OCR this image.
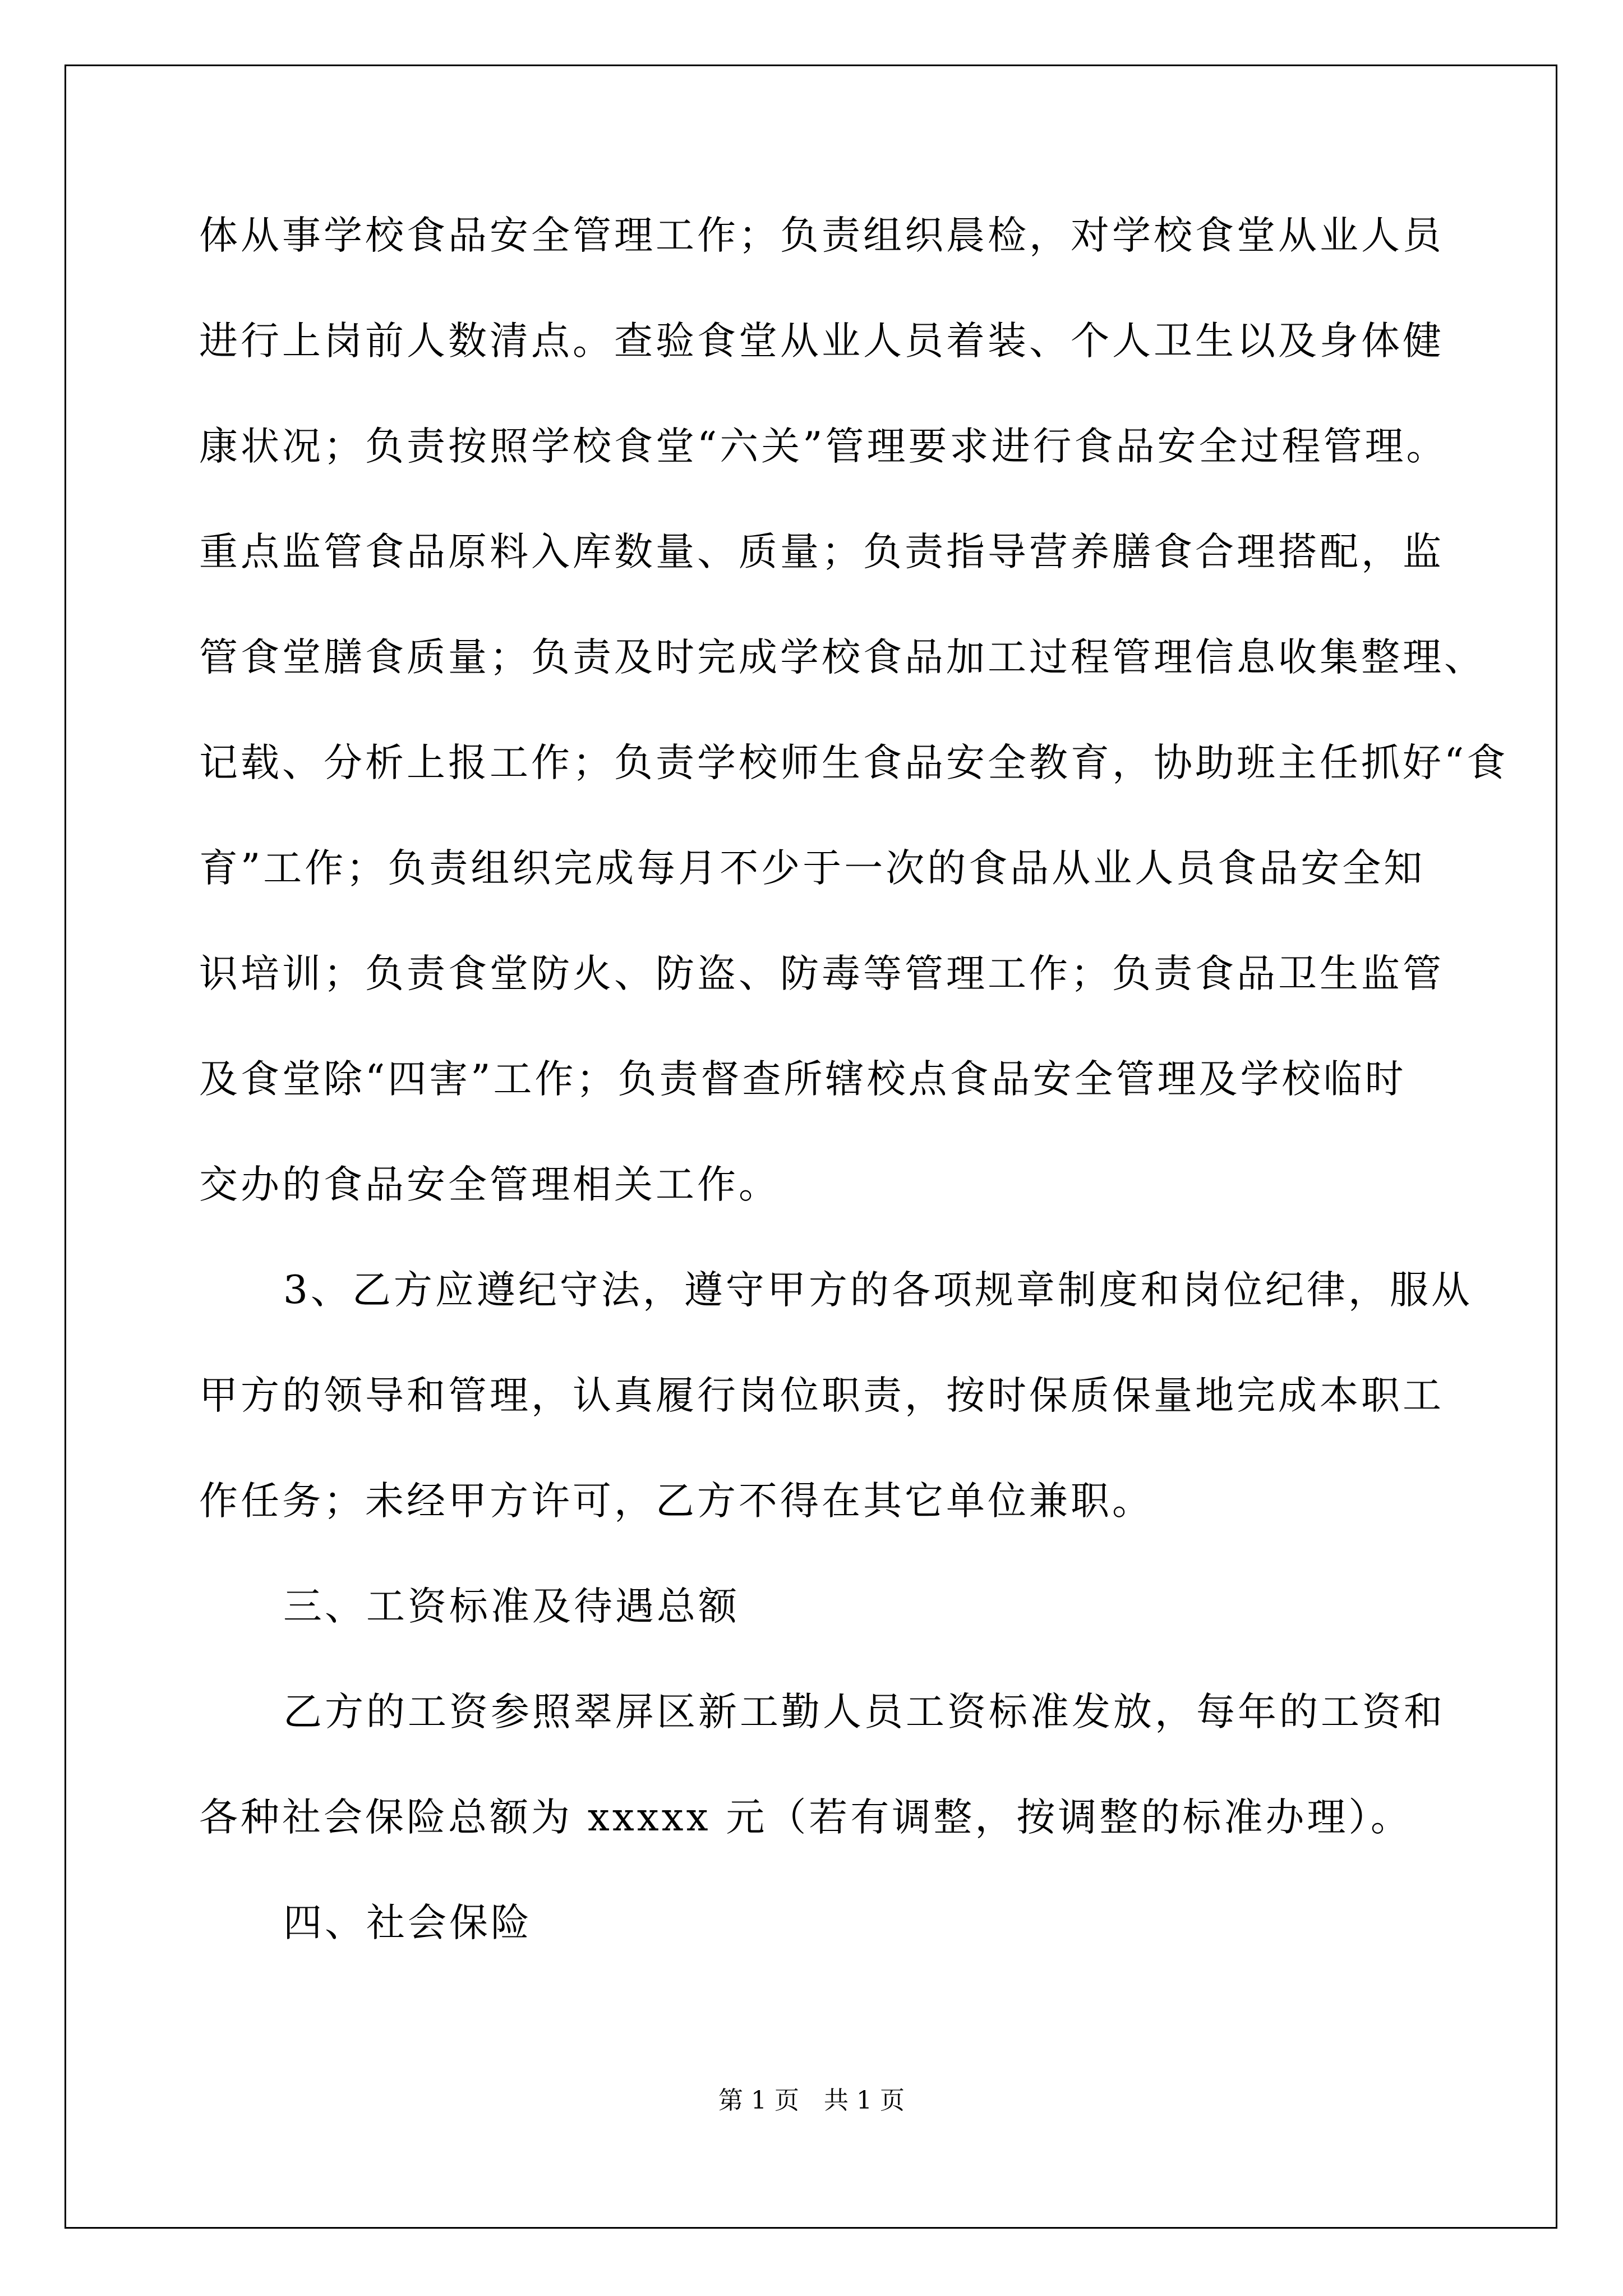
体从事学校食品安全管理工作；负责组织晨检，对学校食堂从业人员
进行上岗前人数清点。查验食堂从业人员着装、个人卫生以及身体健
康状况；负责按照学校食堂“六关”管理要求进行食品安全过程管理。
重点监管食品原料入库数量、质量；负责指导营养膳食合理搭配，监
管食堂膳食质量；负责及时完成学校食品加工过程管理信息收集整理、
记载、分析上报工作；负责学校师生食品安全教育，协助班主任抓好“食
育”工作；负责组织完成每月不少于一次的食品从业人员食品安全知
识培训；负责食堂防火、防盗、防毒等管理工作；负责食品卫生监管
及食堂除“四害”工作；负责督查所辖校点食品安全管理及学校临时
交办的食品安全管理相关工作。
3、乙方应遵纪守法，遵守甲方的各项规章制度和岗位纪律，服从
甲方的领导和管理，认真履行岗位职责，按时保质保量地完成本职工
作任务；未经甲方许可，乙方不得在其它单位兼职。
三、工资标准及待遇总额
乙方的工资参照翠屏区新工勤人员工资标准发放，每年的工资和
各种社会保险总额为 xxxxx 元（若有调整，按调整的标准办理）。
四、社会保险
第 1 页　共 1 页
